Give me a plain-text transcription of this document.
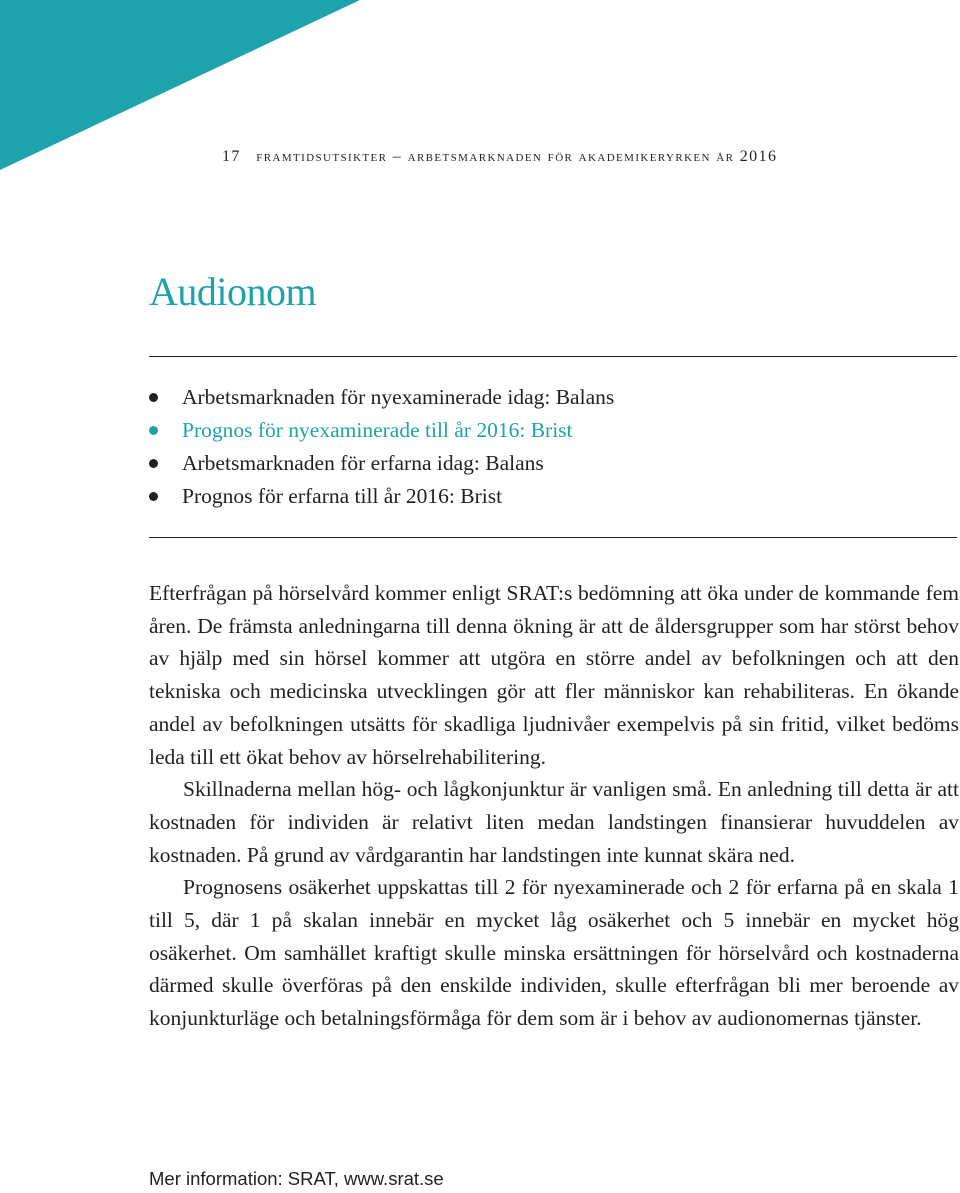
17 framtidsutsikter – arbetsmarknaden för akademikeryrken år 2016
Audionom
Arbetsmarknaden för nyexaminerade idag: Balans
Prognos för nyexaminerade till år 2016: Brist
Arbetsmarknaden för erfarna idag: Balans
Prognos för erfarna till år 2016: Brist

Efterfrågan på hörselvård kommer enligt SRAT:s bedömning att öka under de kommande fem åren. De främsta anledningarna till denna ökning är att de åldersgrupper som har störst behov av hjälp med sin hörsel kommer att utgöra en större andel av befolkningen och att den tekniska och medicinska utvecklingen gör att fler människor kan rehabiliteras. En ökande andel av befolkningen utsätts för skadliga ljudnivåer exempelvis på sin fritid, vilket bedöms leda till ett ökat behov av hörselrehabilitering.

Skillnaderna mellan hög- och lågkonjunktur är vanligen små. En anledning till detta är att kostnaden för individen är relativt liten medan landstingen finansierar huvuddelen av kostnaden. På grund av vårdgarantin har landstingen inte kunnat skära ned.

Prognosens osäkerhet uppskattas till 2 för nyexaminerade och 2 för erfarna på en skala 1 till 5, där 1 på skalan innebär en mycket låg osäkerhet och 5 innebär en mycket hög osäkerhet. Om samhället kraftigt skulle minska ersättningen för hörselvård och kostnaderna därmed skulle överföras på den enskilde individen, skulle efterfrågan bli mer beroende av konjunkturläge och betalningsförmåga för dem som är i behov av audionomernas tjänster.

Mer information: SRAT, www.srat.se
